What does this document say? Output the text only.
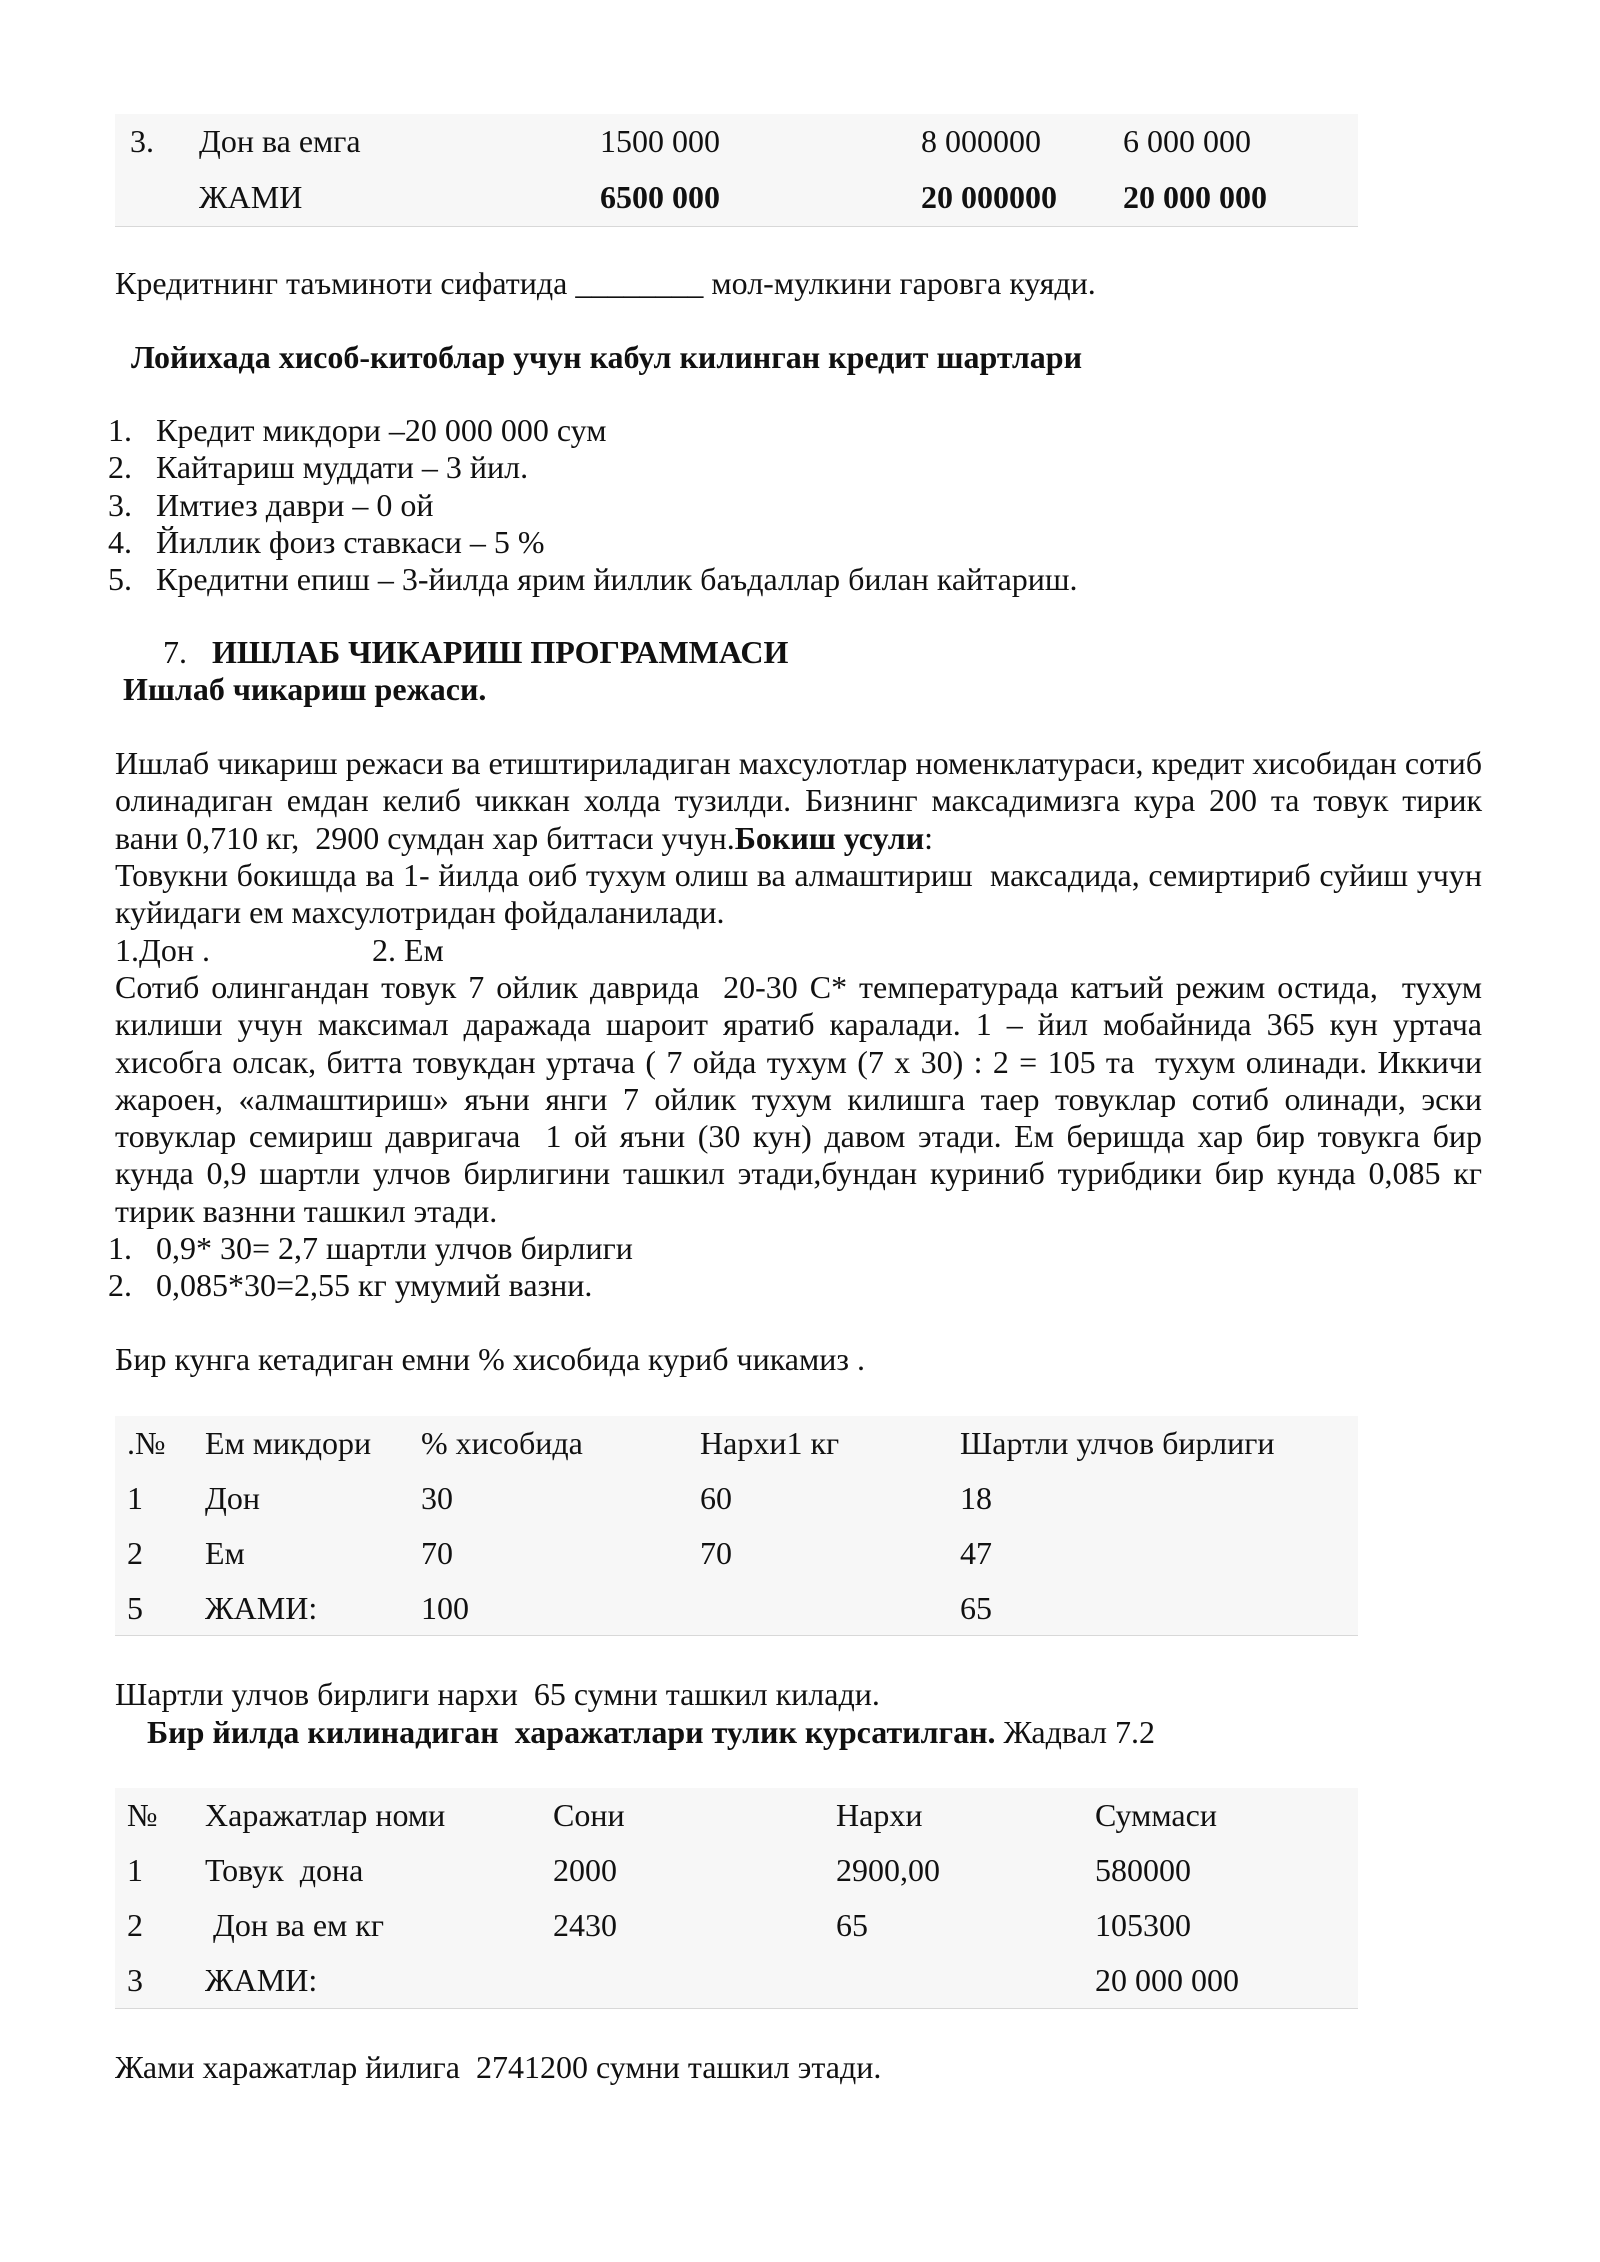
3.	Дон ва емга	1500 000	8 000000	6 000 000
	ЖАМИ	6500 000	20 000000	20 000 000
Кредитнинг таъминоти сифатида ________ мол-мулкини гаровга куяди.
Лойихада хисоб-китоблар учун кабул килинган кредит шартлари
1. Кредит микдори –20 000 000 сум
2. Кайтариш муддати – 3 йил.
3. Имтиез даври – 0 ой
4. Йиллик фоиз ставкаси – 5 %
5. Кредитни епиш – 3-йилда ярим йиллик баъдаллар билан кайтариш.
7. ИШЛАБ ЧИКАРИШ ПРОГРАММАСИ
Ишлаб чикариш режаси.
Ишлаб чикариш режаси ва етиштириладиган махсулотлар номенклатураси, кредит хисобидан сотиб олинадиган емдан келиб чиккан холда тузилди. Бизнинг максадимизга кура 200 та товук тирик вани 0,710 кг,  2900 сумдан хар биттаси учун.Бокиш усули:
Товукни бокишда ва 1- йилда оиб тухум олиш ва алмаштириш  максадида, семиртириб суйиш учун куйидаги ем махсулотридан фойдаланилади.
1.Дон .	2. Ем
Сотиб олингандан товук 7 ойлик даврида  20-30 С* температурада катъий режим остида,  тухум килиши учун максимал даражада шароит яратиб каралади. 1 – йил мобайнида 365 кун уртача хисобга олсак, битта товукдан уртача ( 7 ойда тухум (7 х 30) : 2 = 105 та  тухум олинади. Иккичи жароен, «алмаштириш» яъни янги 7 ойлик тухум килишга таер товуклар сотиб олинади, эски товуклар семириш давригача  1 ой яъни (30 кун) давом этади. Ем беришда хар бир товукга бир кунда 0,9 шартли улчов бирлигини ташкил этади,бундан куриниб турибдики бир кунда 0,085 кг тирик вазнни ташкил этади.
1. 0,9* 30= 2,7 шартли улчов бирлиги
2. 0,085*30=2,55 кг умумий вазни.
Бир кунга кетадиган емни % хисобида куриб чикамиз .
.№	Ем микдори	% хисобида	Нархи1 кг	Шартли улчов бирлиги
1	Дон	30	60	18
2	Ем	70	70	47
5	ЖАМИ:	100		65
Шартли улчов бирлиги нархи  65 сумни ташкил килади.
Бир йилда килинадиган  харажатлари тулик курсатилган. Жадвал 7.2
№	Харажатлар номи	Сони	Нархи	Суммаси
1	Товук  дона	2000	2900,00	580000
2	Дон ва ем кг	2430	65	105300
3	ЖАМИ:			20 000 000
Жами харажатлар йилига  2741200 сумни ташкил этади.
